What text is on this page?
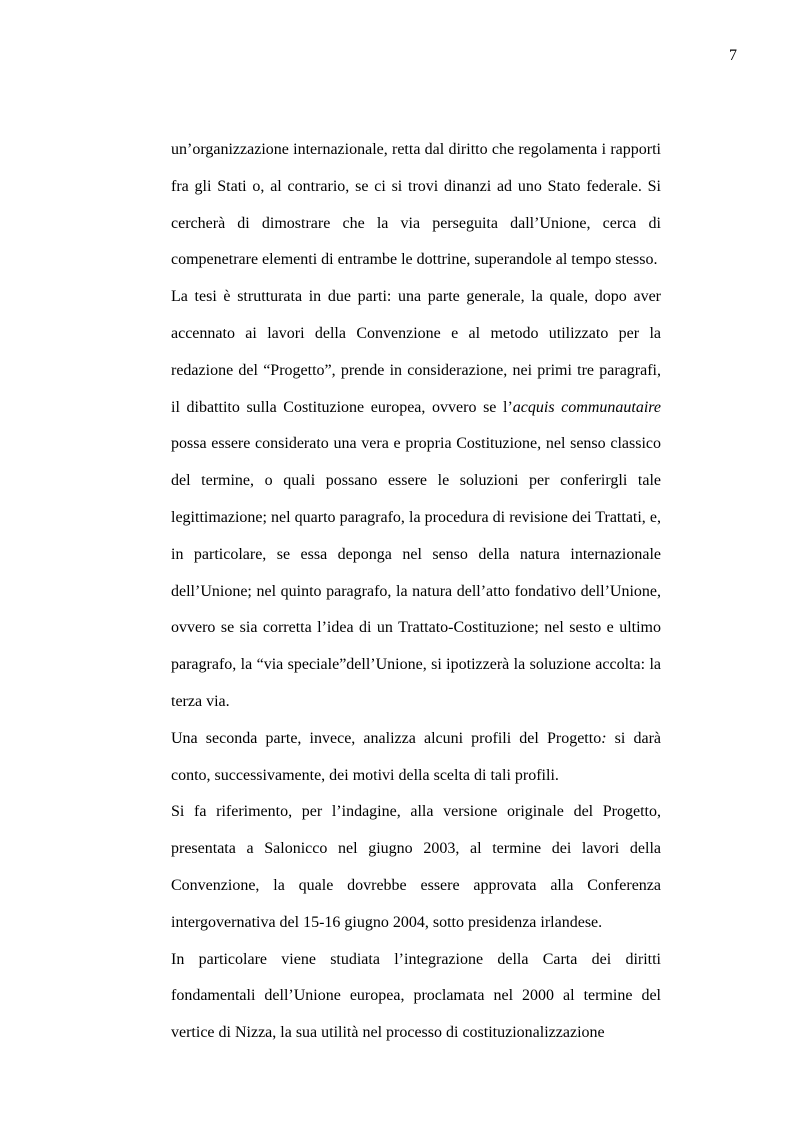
7

un’organizzazione internazionale, retta dal diritto che regolamenta i rapporti fra gli Stati o, al contrario, se ci si trovi dinanzi ad uno Stato federale. Si cercherà di dimostrare che la via perseguita dall’Unione, cerca di compenetrare elementi di entrambe le dottrine, superandole al tempo stesso.

La tesi è strutturata in due parti: una parte generale, la quale, dopo aver accennato ai lavori della Convenzione e al metodo utilizzato per la redazione del “Progetto”, prende in considerazione, nei primi tre paragrafi, il dibattito sulla Costituzione europea, ovvero se l’acquis communautaire possa essere considerato una vera e propria Costituzione, nel senso classico del termine, o quali possano essere le soluzioni per conferirgli tale legittimazione; nel quarto paragrafo, la procedura di revisione dei Trattati, e, in particolare, se essa deponga nel senso della natura internazionale dell’Unione; nel quinto paragrafo, la natura dell’atto fondativo dell’Unione, ovvero se sia corretta l’idea di un Trattato-Costituzione; nel sesto e ultimo paragrafo, la “via speciale”dell’Unione, si ipotizzerà la soluzione accolta: la terza via.

Una seconda parte, invece, analizza alcuni profili del Progetto: si darà conto, successivamente, dei motivi della scelta di tali profili.

Si fa riferimento, per l’indagine, alla versione originale del Progetto, presentata a Salonicco nel giugno 2003, al termine dei lavori della Convenzione, la quale dovrebbe essere approvata alla Conferenza intergovernativa del 15-16 giugno 2004, sotto presidenza irlandese.

In particolare viene studiata l’integrazione della Carta dei diritti fondamentali dell’Unione europea, proclamata nel 2000 al termine del vertice di Nizza, la sua utilità nel processo di costituzionalizzazione
